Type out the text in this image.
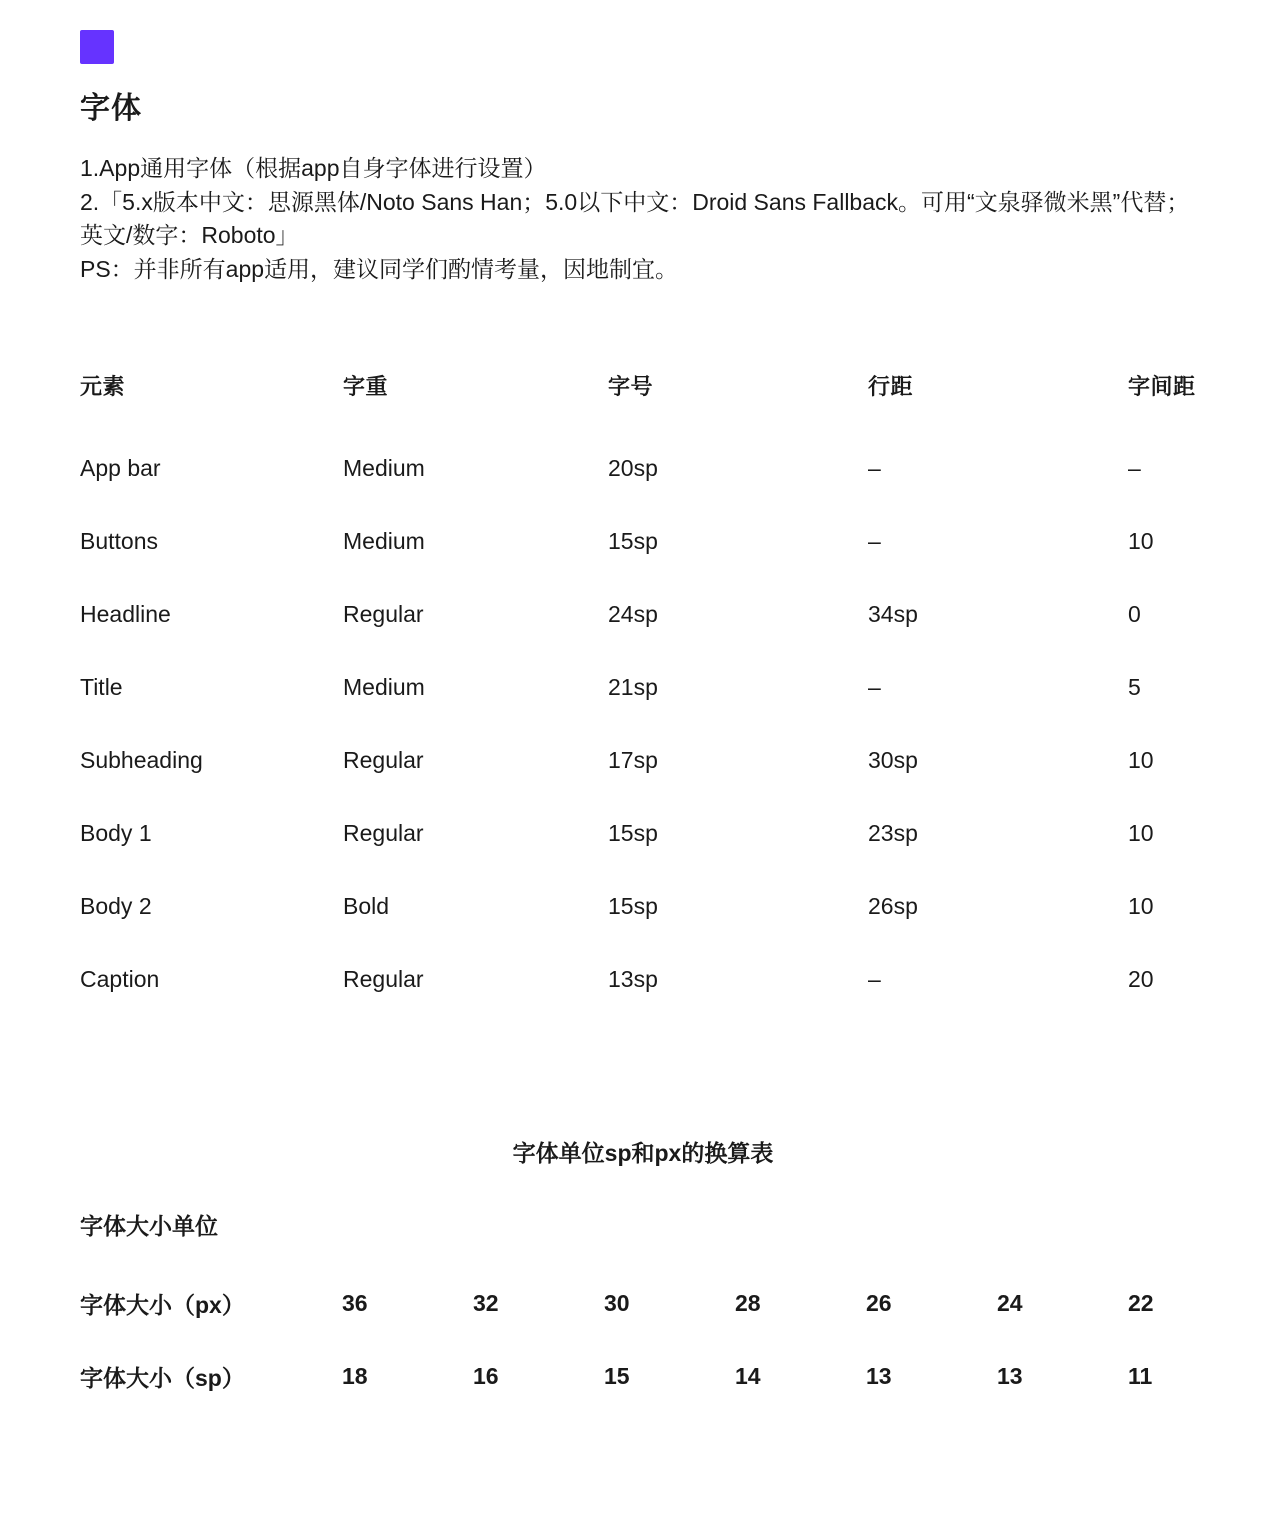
字体
1.App通用字体（根据app自身字体进行设置）
2.「5.x版本中文：思源黑体/Noto Sans Han；5.0以下中文：Droid Sans Fallback。可用“文泉驿微米黑”代替；英文/数字：Roboto」
PS：并非所有app适用，建议同学们酌情考量，因地制宜。
元素	字重	字号	行距	字间距
App bar	Medium	20sp	–	–
Buttons	Medium	15sp	–	10
Headline	Regular	24sp	34sp	0
Title	Medium	21sp	–	5
Subheading	Regular	17sp	30sp	10
Body 1	Regular	15sp	23sp	10
Body 2	Bold	15sp	26sp	10
Caption	Regular	13sp	–	20
字体单位sp和px的换算表
字体大小单位
字体大小（px）	36	32	30	28	26	24	22
字体大小（sp）	18	16	15	14	13	13	11
